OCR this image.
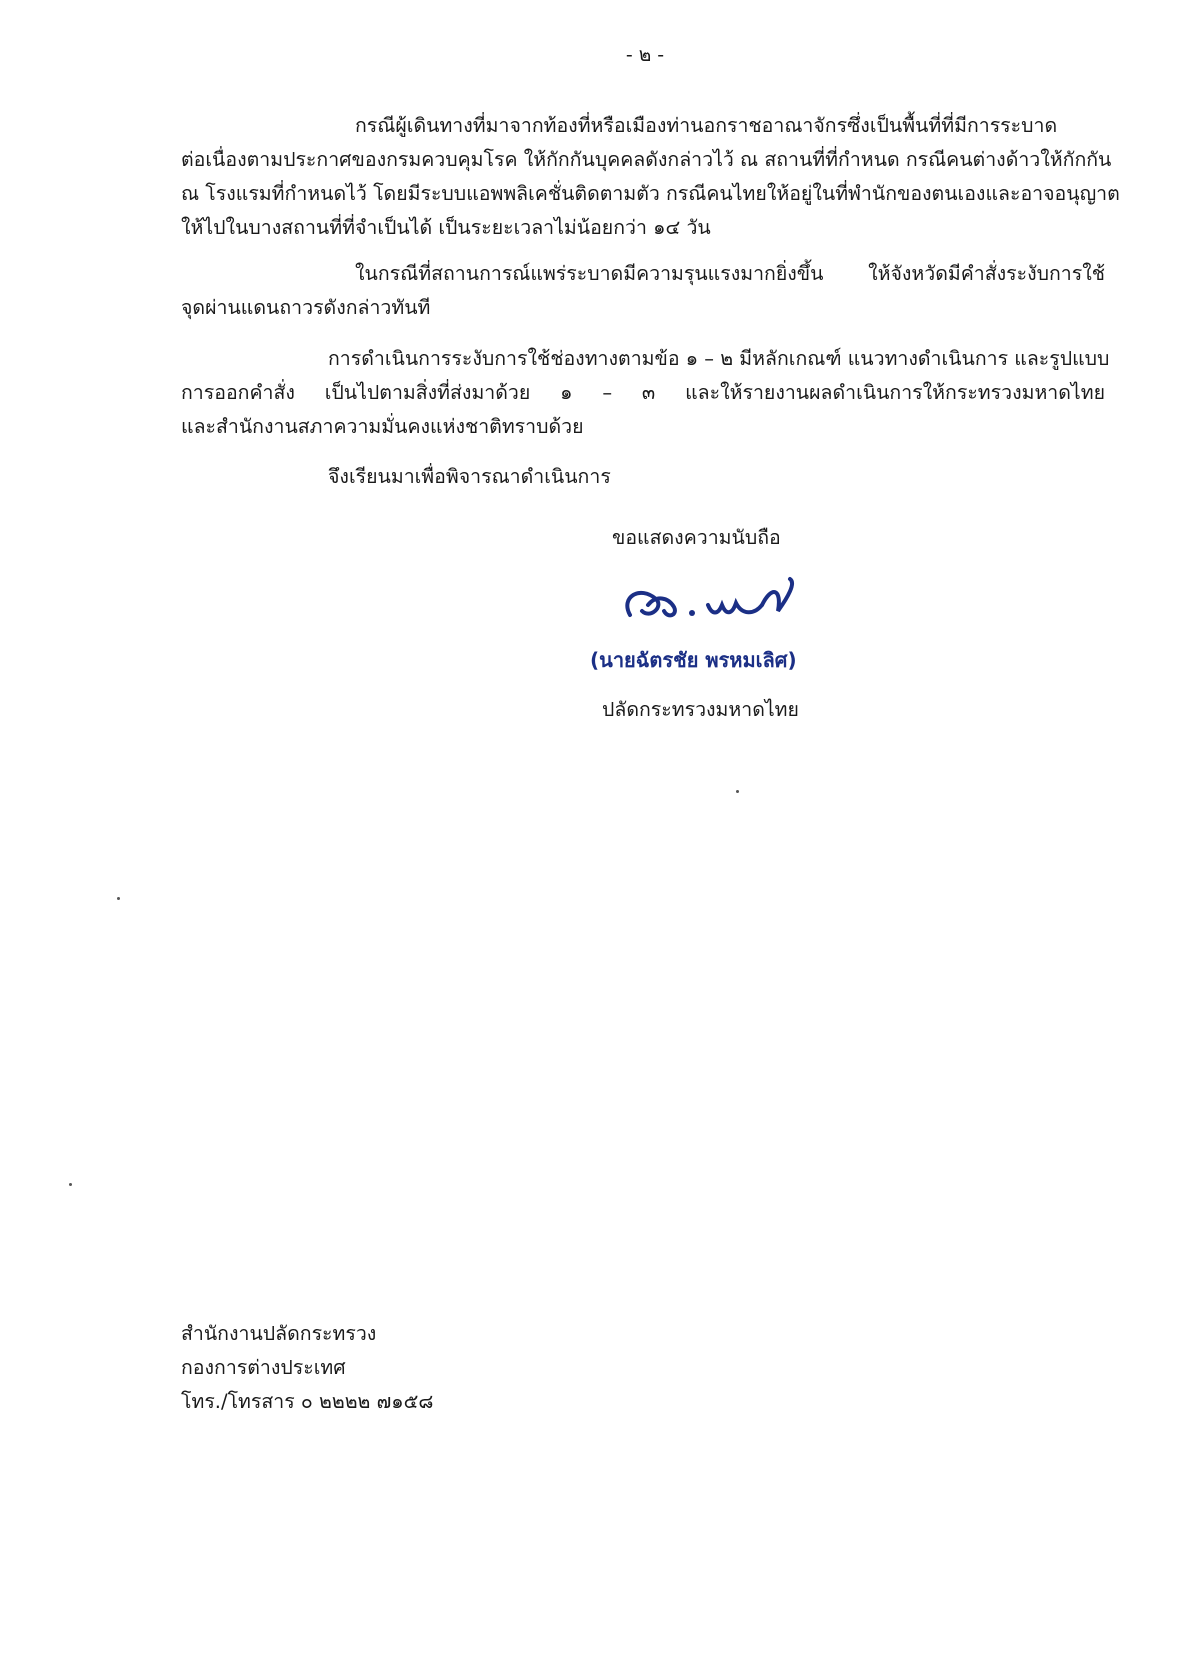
- ๒ -
กรณีผู้เดินทางที่มาจากท้องที่หรือเมืองท่านอกราชอาณาจักรซึ่งเป็นพื้นที่ที่มีการระบาด
ต่อเนื่องตามประกาศของกรมควบคุมโรค ให้กักกันบุคคลดังกล่าวไว้ ณ สถานที่ที่กำหนด กรณีคนต่างด้าวให้กักกัน
ณ โรงแรมที่กำหนดไว้ โดยมีระบบแอพพลิเคชั่นติดตามตัว กรณีคนไทยให้อยู่ในที่พำนักของตนเองและอาจอนุญาต
ให้ไปในบางสถานที่ที่จำเป็นได้ เป็นระยะเวลาไม่น้อยกว่า ๑๔ วัน
ในกรณีที่สถานการณ์แพร่ระบาดมีความรุนแรงมากยิ่งขึ้น ให้จังหวัดมีคำสั่งระงับการใช้
จุดผ่านแดนถาวรดังกล่าวทันที
การดำเนินการระงับการใช้ช่องทางตามข้อ ๑ – ๒ มีหลักเกณฑ์ แนวทางดำเนินการ และรูปแบบ
การออกคำสั่ง เป็นไปตามสิ่งที่ส่งมาด้วย ๑ – ๓ และให้รายงานผลดำเนินการให้กระทรวงมหาดไทย
และสำนักงานสภาความมั่นคงแห่งชาติทราบด้วย
จึงเรียนมาเพื่อพิจารณาดำเนินการ
ขอแสดงความนับถือ
(นายฉัตรชัย พรหมเลิศ)
ปลัดกระทรวงมหาดไทย
สำนักงานปลัดกระทรวง
กองการต่างประเทศ
โทร./โทรสาร ๐ ๒๒๒๒ ๗๑๕๘
